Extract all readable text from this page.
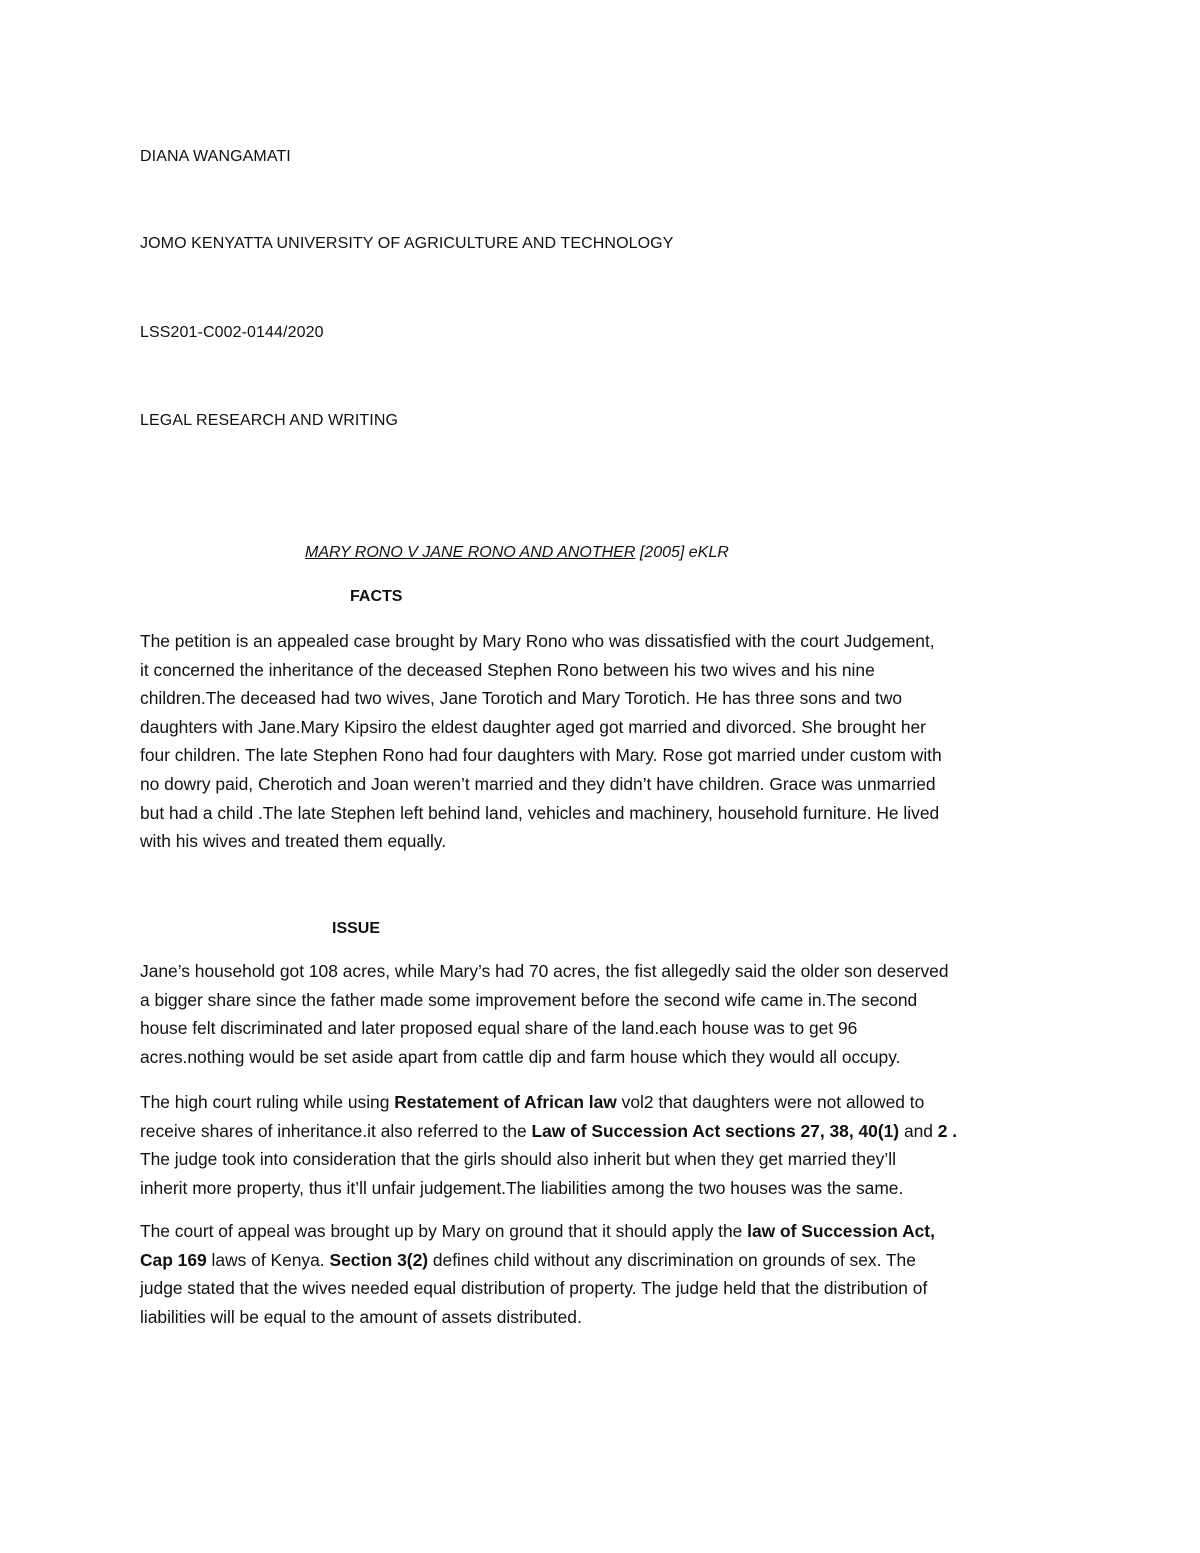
DIANA WANGAMATI
JOMO KENYATTA UNIVERSITY OF AGRICULTURE AND TECHNOLOGY
LSS201-C002-0144/2020
LEGAL RESEARCH AND WRITING
MARY RONO V JANE RONO AND ANOTHER [2005] eKLR
FACTS
The petition is an appealed case brought by Mary Rono who was dissatisfied with the court Judgement,
it concerned the inheritance of the deceased Stephen Rono between his two wives and his nine
children.The deceased had two wives, Jane Torotich and Mary Torotich. He has three sons and two
daughters with Jane.Mary Kipsiro the eldest daughter aged got married and divorced. She brought her
four children. The late Stephen Rono had four daughters with Mary. Rose got married under custom with
no dowry paid, Cherotich and Joan weren’t married and they didn’t have children. Grace was unmarried
but had a child .The late Stephen left behind land, vehicles and machinery, household furniture. He lived
with his wives and treated them equally.
ISSUE
Jane’s household got 108 acres, while Mary’s had 70 acres, the fist allegedly said the older son deserved
a bigger share since the father made some improvement before the second wife came in.The second
house felt discriminated and later proposed equal share of the land.each house was to get 96
acres.nothing would be set aside apart from cattle dip and farm house which they would all occupy.
The high court ruling while using Restatement of African law vol2 that daughters were not allowed to
receive shares of inheritance.it also referred to the Law of Succession Act sections 27, 38, 40(1) and 2 .
The judge took into consideration that the girls should also inherit but when they get married they’ll
inherit more property, thus it’ll unfair judgement.The liabilities among the two houses was the same.
The court of appeal was brought up by Mary on ground that it should apply the law of Succession Act,
Cap 169 laws of Kenya. Section 3(2) defines child without any discrimination on grounds of sex. The
judge stated that the wives needed equal distribution of property. The judge held that the distribution of
liabilities will be equal to the amount of assets distributed.
